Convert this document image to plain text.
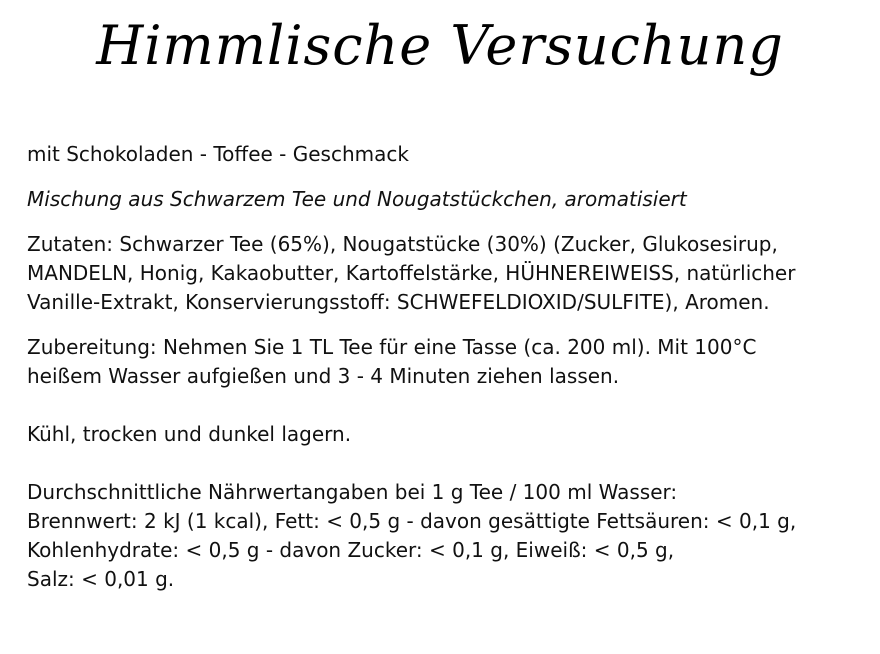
Himmlische Versuchung

mit Schokoladen - Toffee - Geschmack

Mischung aus Schwarzem Tee und Nougatstückchen, aromatisiert

Zutaten: Schwarzer Tee (65%), Nougatstücke (30%) (Zucker, Glukosesirup,

MANDELN, Honig, Kakaobutter, Kartoffelstärke, HÜHNEREIWEISS, natürlicher

Vanille-Extrakt, Konservierungsstoff: SCHWEFELDIOXID/SULFITE), Aromen.

Zubereitung: Nehmen Sie 1 TL Tee für eine Tasse (ca. 200 ml). Mit 100°C

heißem Wasser aufgießen und 3 - 4 Minuten ziehen lassen.

Kühl, trocken und dunkel lagern.

Durchschnittliche Nährwertangaben bei 1 g Tee / 100 ml Wasser:

Brennwert: 2 kJ (1 kcal), Fett: < 0,5 g - davon gesättigte Fettsäuren: < 0,1 g,

Kohlenhydrate: < 0,5 g - davon Zucker: < 0,1 g, Eiweiß: < 0,5 g,

Salz: < 0,01 g.
